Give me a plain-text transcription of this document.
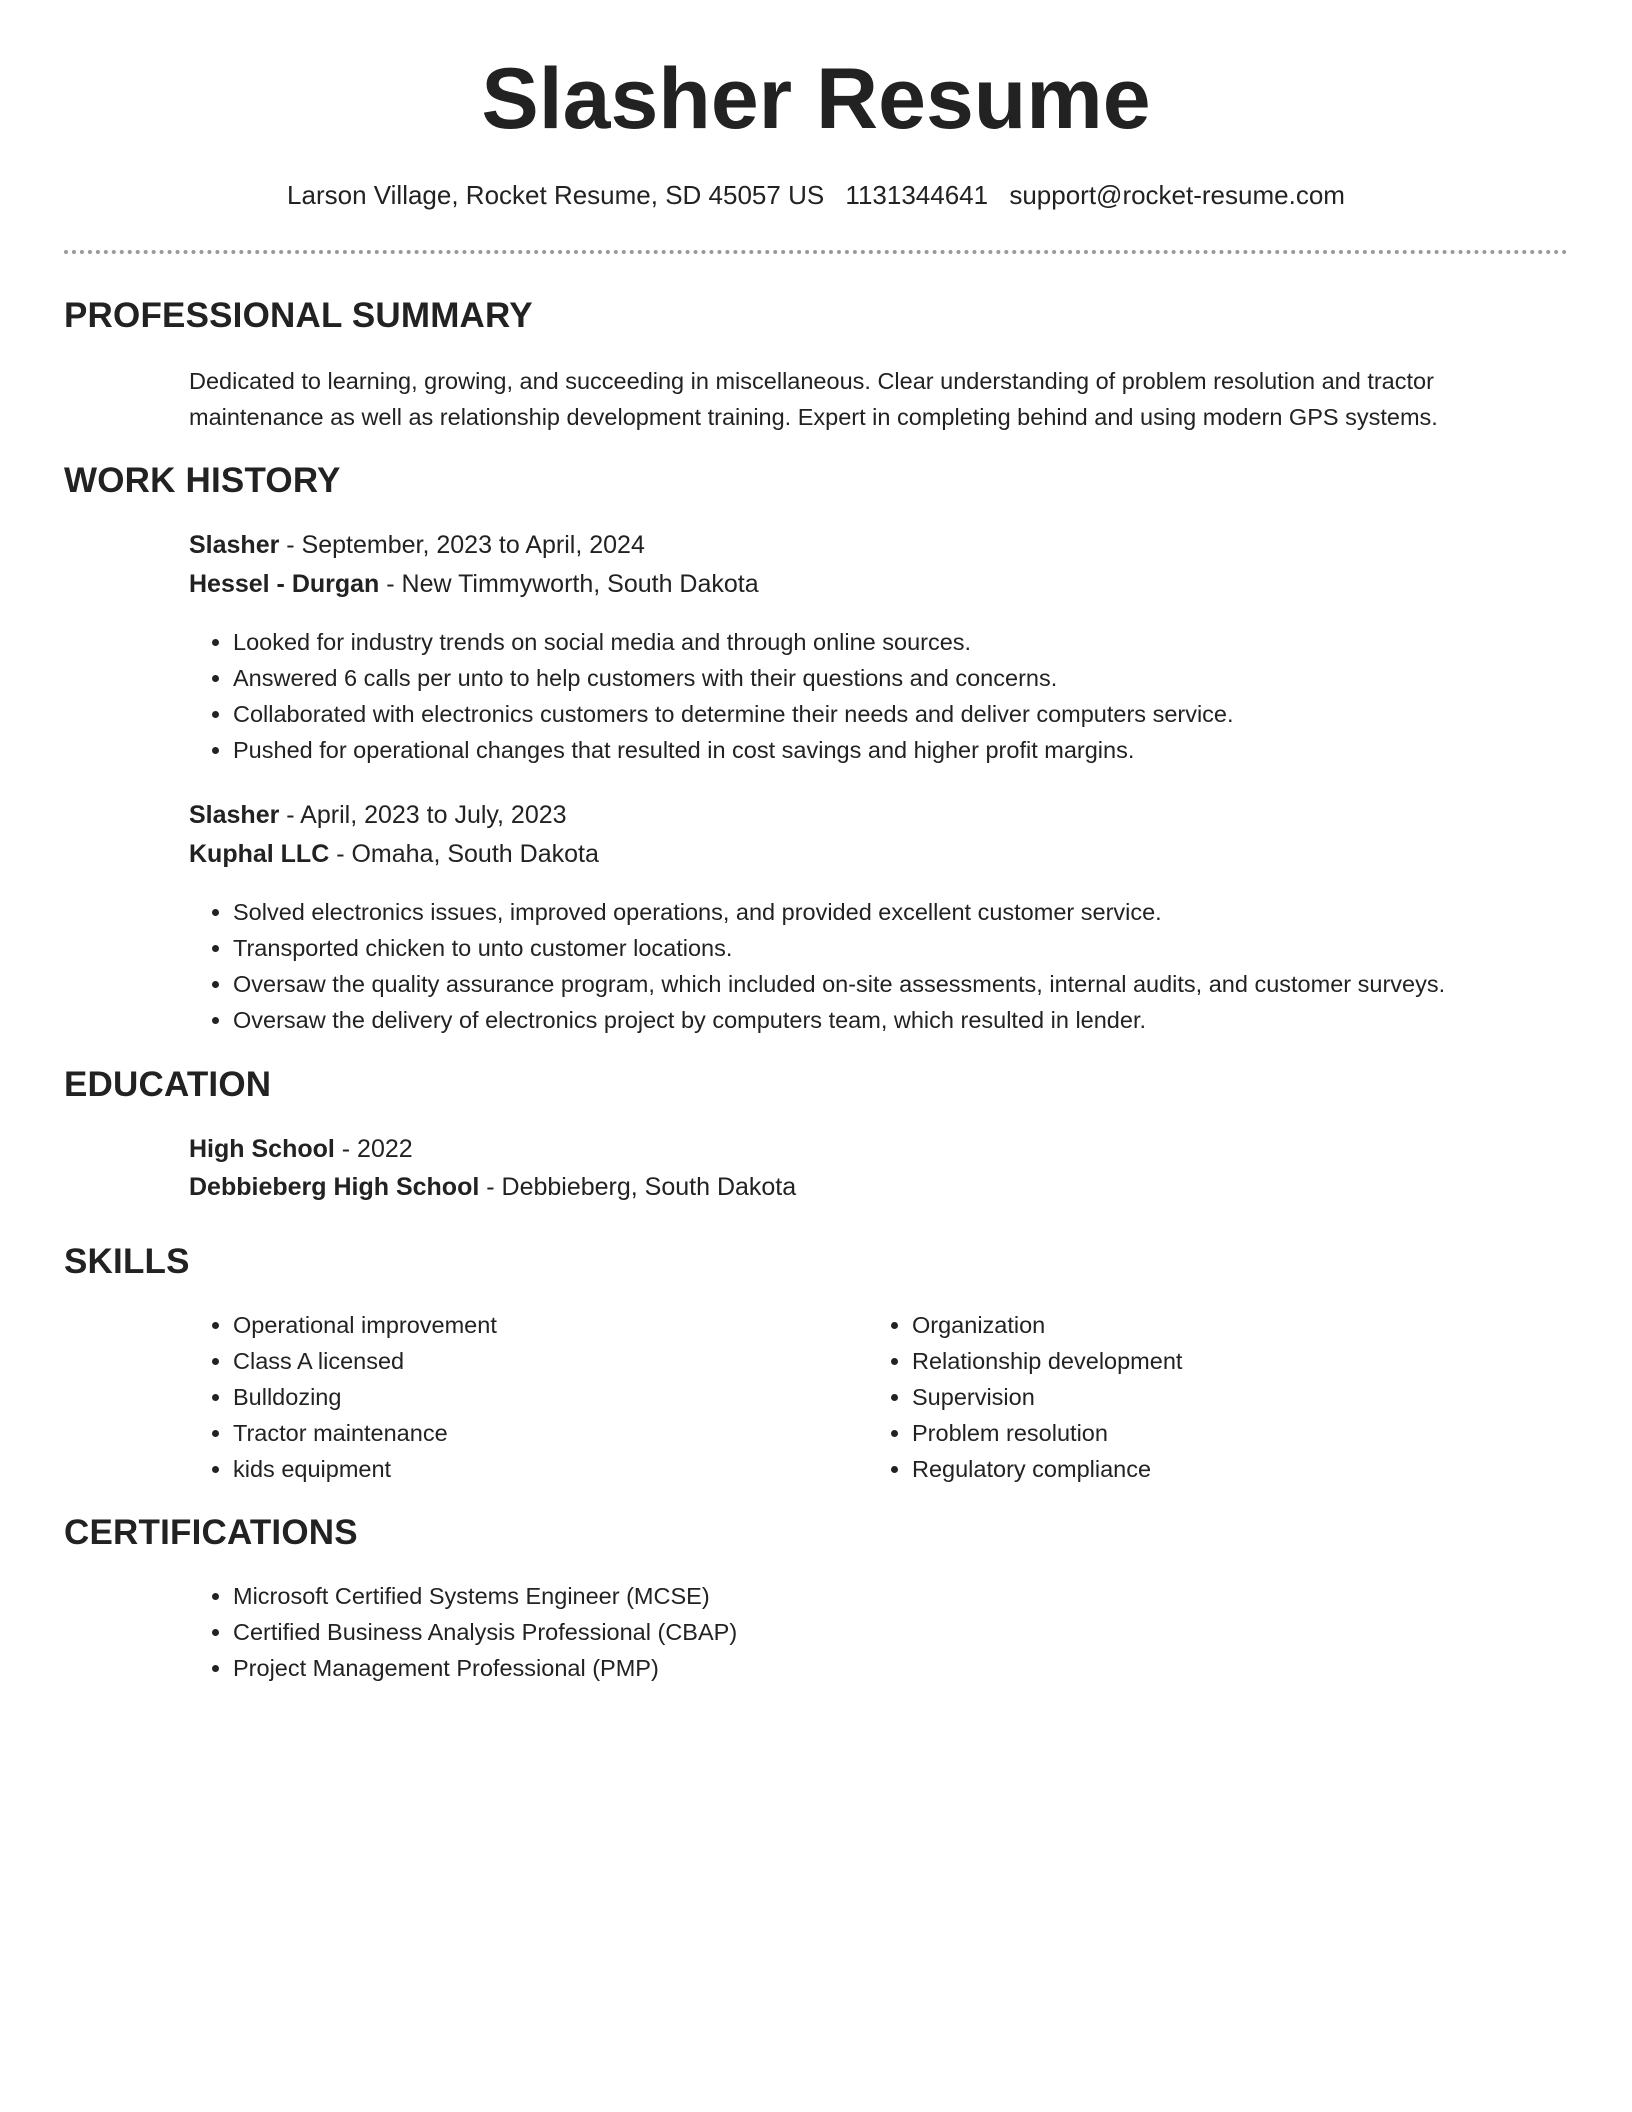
Slasher Resume
Larson Village, Rocket Resume, SD 45057 US 1131344641 support@rocket-resume.com
PROFESSIONAL SUMMARY
Dedicated to learning, growing, and succeeding in miscellaneous. Clear understanding of problem resolution and tractor maintenance as well as relationship development training. Expert in completing behind and using modern GPS systems.
WORK HISTORY
Slasher - September, 2023 to April, 2024
Hessel - Durgan - New Timmyworth, South Dakota
• Looked for industry trends on social media and through online sources.
• Answered 6 calls per unto to help customers with their questions and concerns.
• Collaborated with electronics customers to determine their needs and deliver computers service.
• Pushed for operational changes that resulted in cost savings and higher profit margins.
Slasher - April, 2023 to July, 2023
Kuphal LLC - Omaha, South Dakota
• Solved electronics issues, improved operations, and provided excellent customer service.
• Transported chicken to unto customer locations.
• Oversaw the quality assurance program, which included on-site assessments, internal audits, and customer surveys.
• Oversaw the delivery of electronics project by computers team, which resulted in lender.
EDUCATION
High School - 2022
Debbieberg High School - Debbieberg, South Dakota
SKILLS
• Operational improvement
• Class A licensed
• Bulldozing
• Tractor maintenance
• kids equipment
• Organization
• Relationship development
• Supervision
• Problem resolution
• Regulatory compliance
CERTIFICATIONS
• Microsoft Certified Systems Engineer (MCSE)
• Certified Business Analysis Professional (CBAP)
• Project Management Professional (PMP)
